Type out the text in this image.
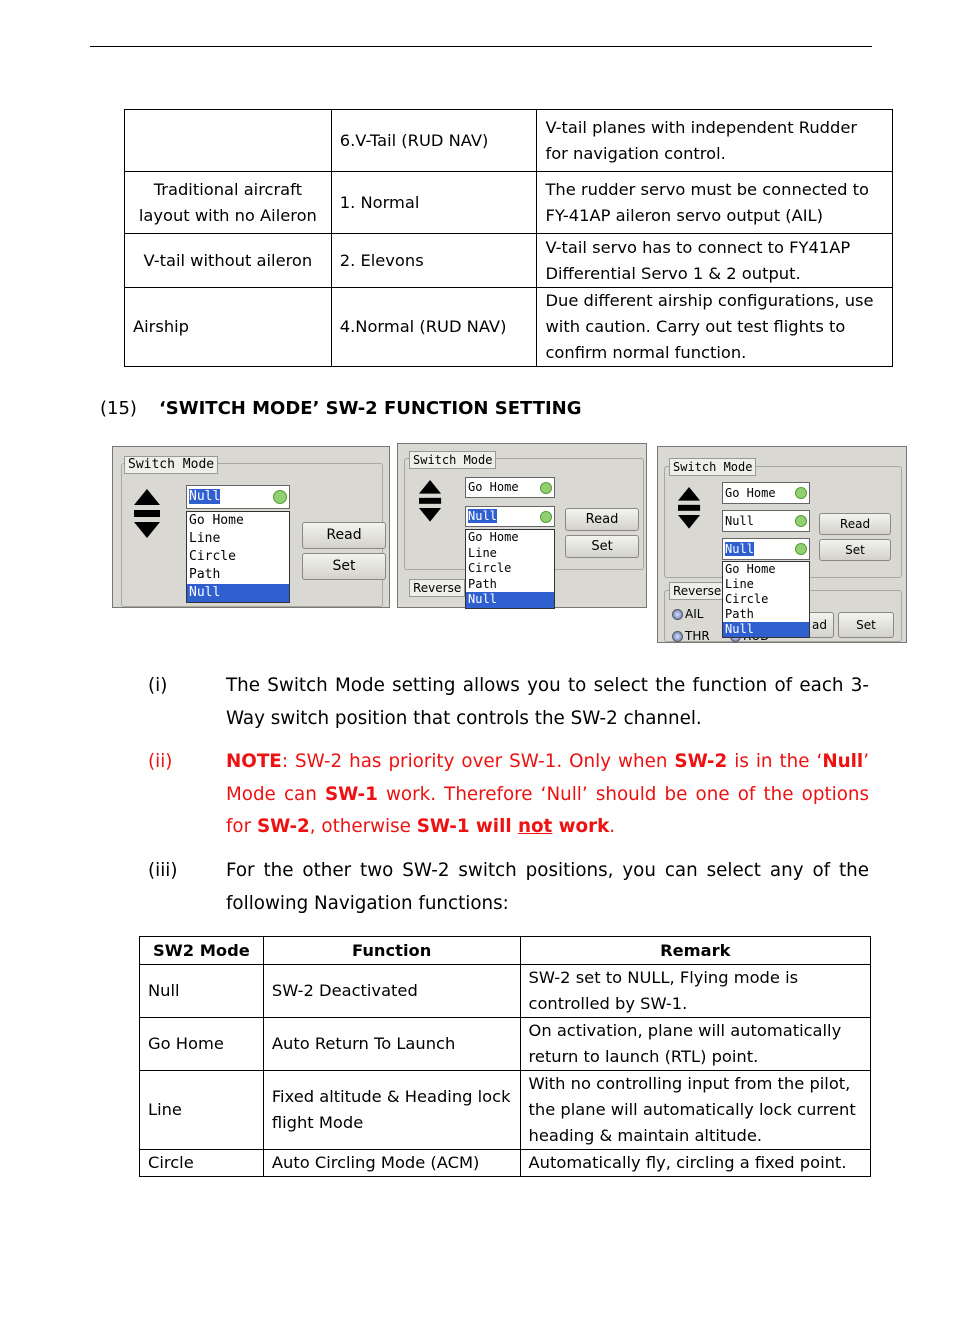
	6.V-Tail (RUD NAV)	V-tail planes with independent Rudder for navigation control.
Traditional aircraft layout with no Aileron	1. Normal	The rudder servo must be connected to FY-41AP aileron servo output (AIL)
V-tail without aileron	2. Elevons	V-tail servo has to connect to FY41AP Differential Servo 1 & 2 output.
Airship	4.Normal (RUD NAV)	Due different airship configurations, use with caution. Carry out test flights to confirm normal function.
(15) ‘SWITCH MODE’ SW-2 FUNCTION SETTING
Switch Mode
Null
Go Home
Line
Circle
Path
Null
Read
Set
Switch Mode
Go Home
Null	Read
Set
Reverse
Go Home
Line
Circle
Path
Null
Switch Mode
Go Home
Null
Null
Read
Set
Reverse
AIL
THR
ad	Set
Go Home
Line
Circle
Path
Null
(i)	The Switch Mode setting allows you to select the function of each 3-Way switch position that controls the SW-2 channel.
(ii)	NOTE: SW-2 has priority over SW-1. Only when SW-2 is in the ‘Null’ Mode can SW-1 work. Therefore ‘Null’ should be one of the options for SW-2, otherwise SW-1 will not work.
(iii)	For the other two SW-2 switch positions, you can select any of the following Navigation functions:
SW2 Mode	Function	Remark
Null	SW-2 Deactivated	SW-2 set to NULL, Flying mode is controlled by SW-1.
Go Home	Auto Return To Launch	On activation, plane will automatically return to launch (RTL) point.
Line	Fixed altitude & Heading lock flight Mode	With no controlling input from the pilot, the plane will automatically lock current heading & maintain altitude.
Circle	Auto Circling Mode (ACM)	Automatically fly, circling a fixed point.
